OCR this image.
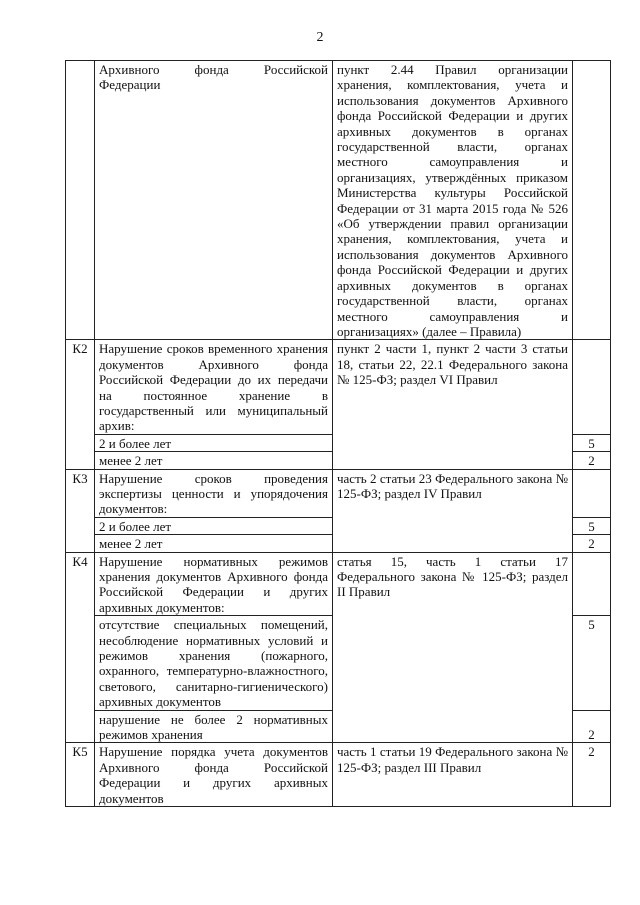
2
	Архивного фонда Российской Федерации	пункт 2.44 Правил организации хранения, комплектования, учета и использования документов Архивного фонда Российской Федерации и других архивных документов в органах государственной власти, органах местного самоуправления и организациях, утверждённых приказом Министерства культуры Российской Федерации от 31 марта 2015 года № 526 «Об утверждении правил организации хранения, комплектования, учета и использования документов Архивного фонда Российской Федерации и других архивных документов в органах государственной власти, органах местного самоуправления и организациях» (далее – Правила)	
К2	Нарушение сроков временного хранения документов Архивного фонда Российской Федерации до их передачи на постоянное хранение в государственный или муниципальный архив:	пункт 2 части 1, пункт 2 части 3 статьи 18, статьи 22, 22.1 Федерального закона № 125-ФЗ; раздел VI Правил	
	2 и более лет		5
	менее 2 лет		2
К3	Нарушение сроков проведения экспертизы ценности и упорядочения документов:	часть 2 статьи 23 Федерального закона № 125-ФЗ; раздел IV Правил	
	2 и более лет		5
	менее 2 лет		2
К4	Нарушение нормативных режимов хранения документов Архивного фонда Российской Федерации и других архивных документов:	статья 15, часть 1 статьи 17 Федерального закона № 125-ФЗ; раздел II Правил	
	отсутствие специальных помещений, несоблюдение нормативных условий и режимов хранения (пожарного, охранного, температурно-влажностного, светового, санитарно-гигиенического) архивных документов		5
	нарушение не более 2 нормативных режимов хранения		2
К5	Нарушение порядка учета документов Архивного фонда Российской Федерации и других архивных документов	часть 1 статьи 19 Федерального закона № 125-ФЗ; раздел III Правил	2
